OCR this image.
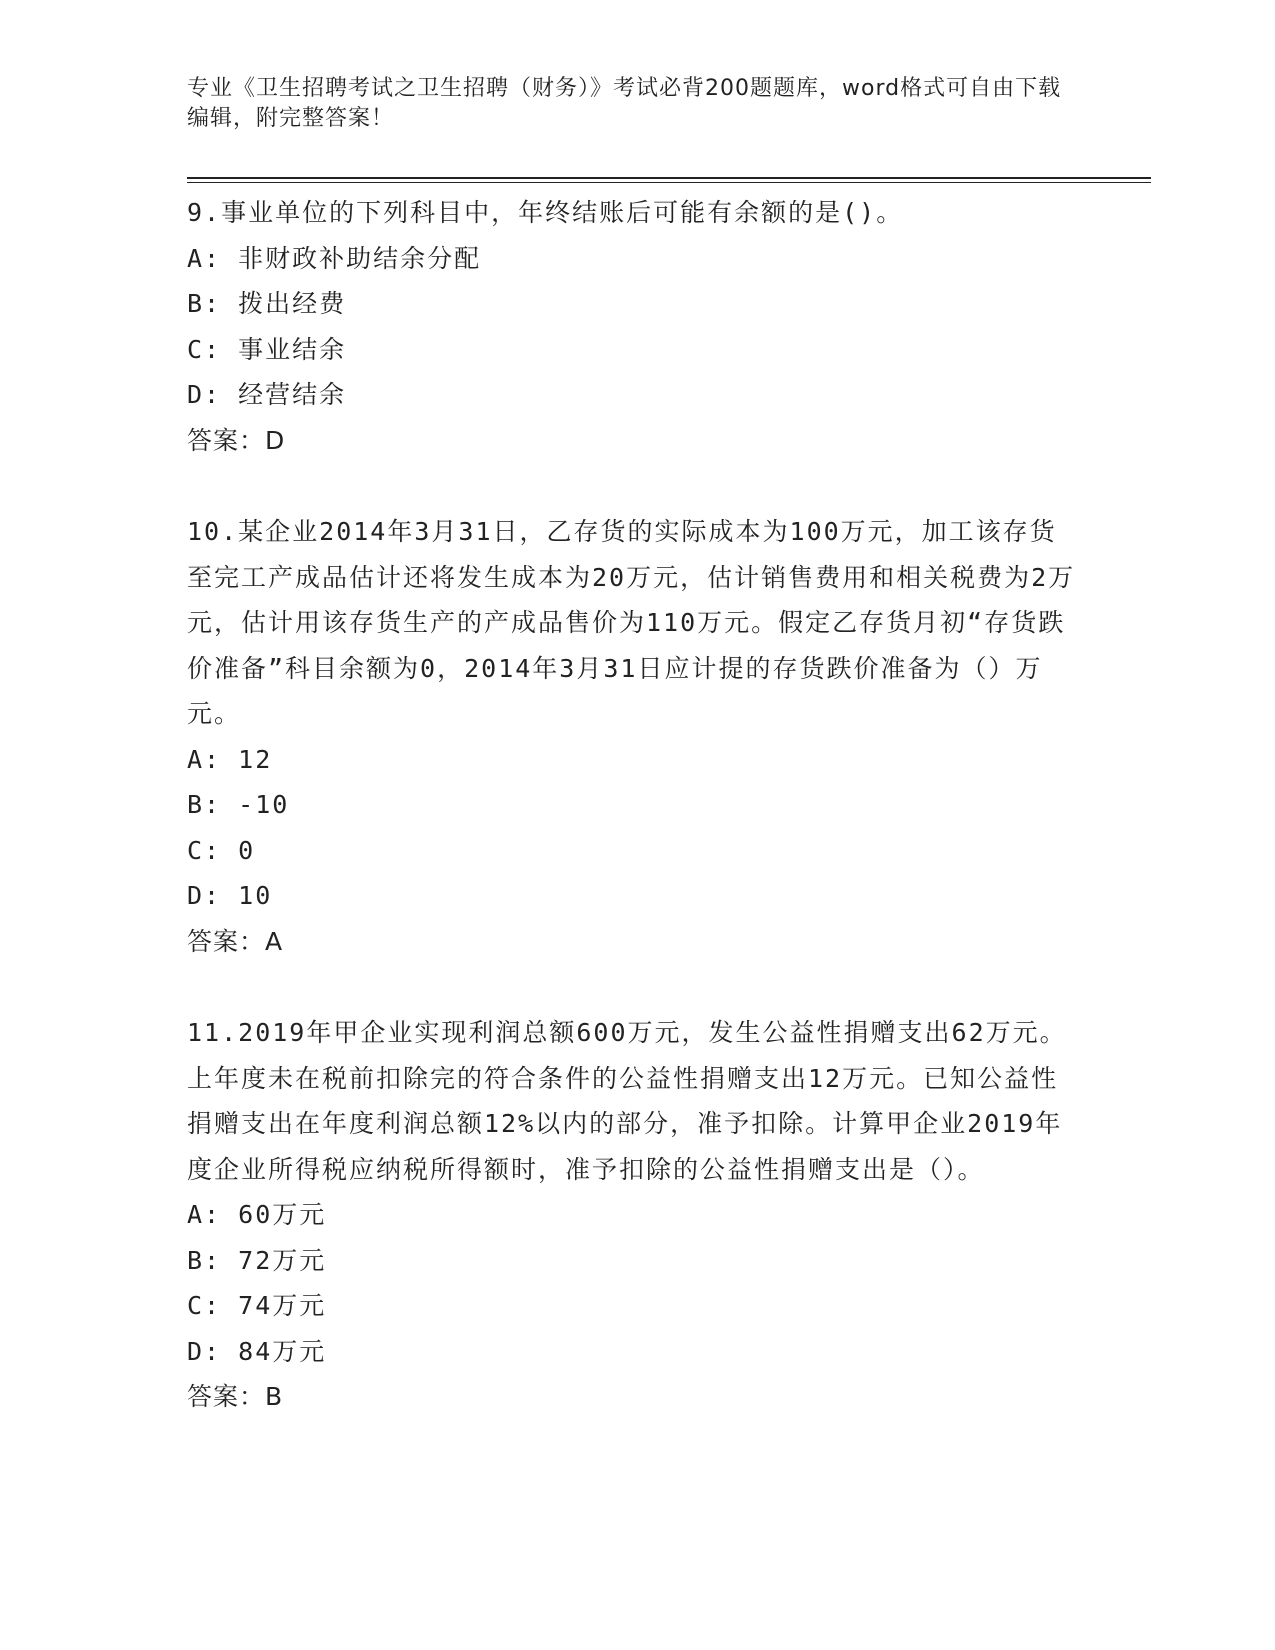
专业《卫生招聘考试之卫生招聘（财务）》考试必背200题题库，word格式可自由下载编辑，附完整答案！

9.事业单位的下列科目中，年终结账后可能有余额的是()。

A: 非财政补助结余分配

B: 拨出经费

C: 事业结余

D: 经营结余

答案：D

10.某企业2014年3月31日，乙存货的实际成本为100万元，加工该存货至完工产成品估计还将发生成本为20万元，估计销售费用和相关税费为2万元，估计用该存货生产的产成品售价为110万元。假定乙存货月初“存货跌价准备”科目余额为0，2014年3月31日应计提的存货跌价准备为（）万元。

A: 12

B: -10

C: 0

D: 10

答案：A

11.2019年甲企业实现利润总额600万元，发生公益性捐赠支出62万元。上年度未在税前扣除完的符合条件的公益性捐赠支出12万元。已知公益性捐赠支出在年度利润总额12%以内的部分，准予扣除。计算甲企业2019年度企业所得税应纳税所得额时，准予扣除的公益性捐赠支出是（）。

A: 60万元

B: 72万元

C: 74万元

D: 84万元

答案：B
